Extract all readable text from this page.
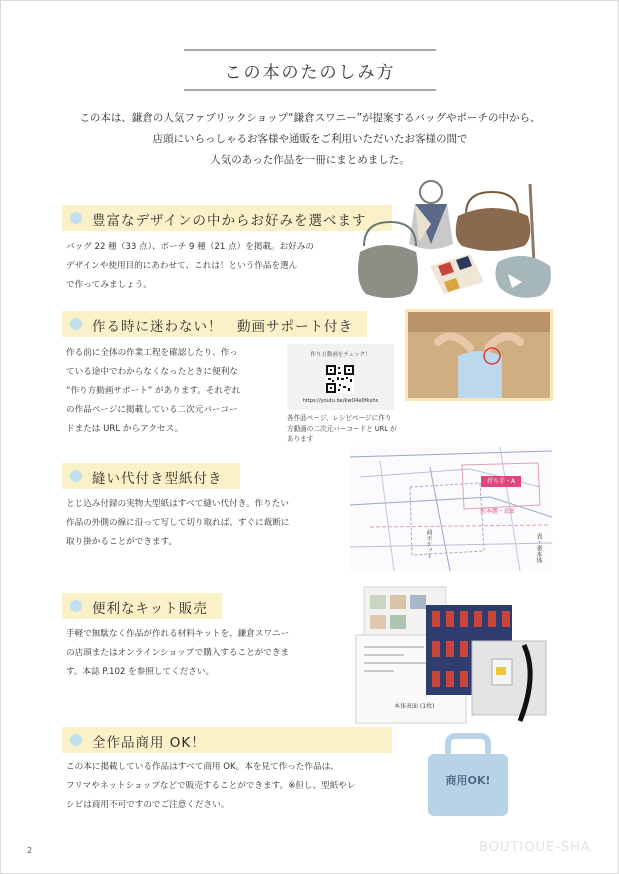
この本のたのしみ方
この本は、鎌倉の人気ファブリックショップ“鎌倉スワニー”が提案するバッグやポーチの中から、
店頭にいらっしゃるお客様や通販をご利用いただいたお客様の間で
人気のあった作品を一冊にまとめました。
豊富なデザインの中からお好みを選べます
バッグ 22 種（33 点）、ポーチ 9 種（21 点）を掲載。お好みの
デザインや使用目的にあわせて、これは！という作品を選ん
で作ってみましょう。
作る時に迷わない！　動画サポート付き
作る前に全体の作業工程を確認したり、作っ
ている途中でわからなくなったときに便利な
“作り方動画サポート” があります。それぞれ
の作品ページに掲載している二次元バーコー
ドまたは URL からアクセス。
作り方動画をチェック！
https://youtu.be/kwO4e0fkxhs
各作品ページ、レシピページに作り
方動画の二次元バーコードと URL が
あります
縫い代付き型紙付き
とじ込み付録の実物大型紙はすべて縫い代付き。作りたい
作品の外側の線に沿って写して切り取れば、すぐに裁断に
取り掛かることができます。
持ち手・A
前本體・底B
前ポケット	表・裏本体
便利なキット販売
手軽で無駄なく作品が作れる材料キットを、鎌倉スワニー
の店頭またはオンラインショップで購入することができま
す。本誌 P.102 を参照してください。
本体表面 (1枚)
全作品商用 OK！
この本に掲載している作品はすべて商用 OK。本を見て作った作品は、
フリマやネットショップなどで販売することができます。※但し、型紙やレ
シピは商用不可ですのでご注意ください。
商用OK!
2	BOUTIQUE-SHA
